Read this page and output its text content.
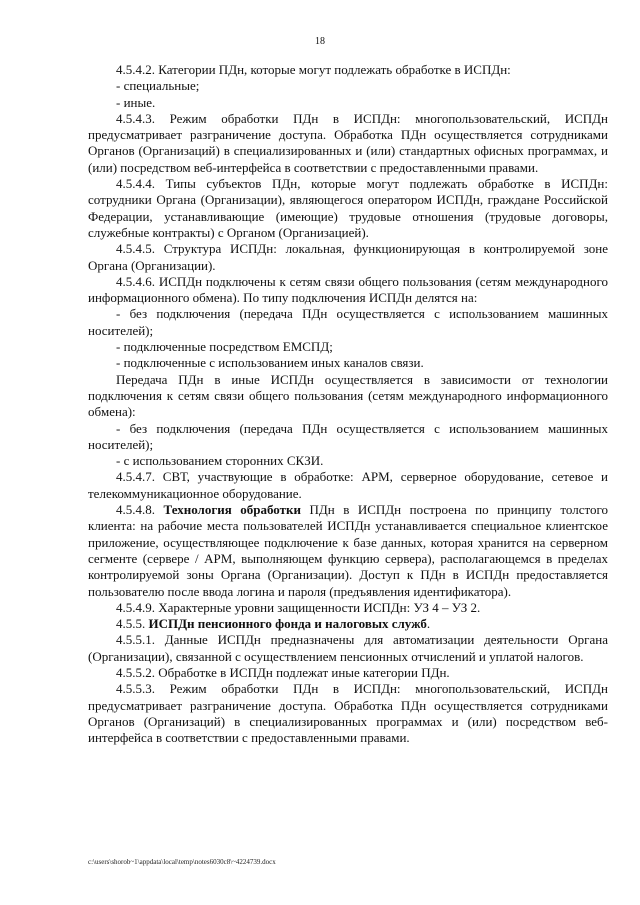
18

4.5.4.2. Категории ПДн, которые могут подлежать обработке в ИСПДн:

- специальные;

- иные.

4.5.4.3. Режим обработки ПДн в ИСПДн: многопользовательский, ИСПДн предусматривает разграничение доступа. Обработка ПДн осуществляется сотрудниками Органов (Организаций) в специализированных и (или) стандартных офисных программах, и (или) посредством веб-интерфейса в соответствии с предоставленными правами.

4.5.4.4. Типы субъектов ПДн, которые могут подлежать обработке в ИСПДн: сотрудники Органа (Организации), являющегося оператором ИСПДн, граждане Российской Федерации, устанавливающие (имеющие) трудовые отношения (трудовые договоры, служебные контракты) с Органом (Организацией).

4.5.4.5. Структура ИСПДн: локальная, функционирующая в контролируемой зоне Органа (Организации).

4.5.4.6. ИСПДн подключены к сетям связи общего пользования (сетям международного информационного обмена). По типу подключения ИСПДн делятся на:

- без подключения (передача ПДн осуществляется с использованием машинных носителей);

- подключенные посредством ЕМСПД;

- подключенные с использованием иных каналов связи.

Передача ПДн в иные ИСПДн осуществляется в зависимости от технологии подключения к сетям связи общего пользования (сетям международного информационного обмена):

- без подключения (передача ПДн осуществляется с использованием машинных носителей);

- с использованием сторонних СКЗИ.

4.5.4.7. СВТ, участвующие в обработке: АРМ, серверное оборудование, сетевое и телекоммуникационное оборудование.

4.5.4.8. Технология обработки ПДн в ИСПДн построена по принципу толстого клиента: на рабочие места пользователей ИСПДн устанавливается специальное клиентское приложение, осуществляющее подключение к базе данных, которая хранится на серверном сегменте (сервере / АРМ, выполняющем функцию сервера), располагающемся в пределах контролируемой зоны Органа (Организации). Доступ к ПДн в ИСПДн предоставляется пользователю после ввода логина и пароля (предъявления идентификатора).

4.5.4.9. Характерные уровни защищенности ИСПДн: УЗ 4 – УЗ 2.

4.5.5. ИСПДн пенсионного фонда и налоговых служб.

4.5.5.1. Данные ИСПДн предназначены для автоматизации деятельности Органа (Организации), связанной с осуществлением пенсионных отчислений и уплатой налогов.

4.5.5.2. Обработке в ИСПДн подлежат иные категории ПДн.

4.5.5.3. Режим обработки ПДн в ИСПДн: многопользовательский, ИСПДн предусматривает разграничение доступа. Обработка ПДн осуществляется сотрудниками Органов (Организаций) в специализированных программах и (или) посредством веб-интерфейса в соответствии с предоставленными правами.

c:\users\shorob~1\appdata\local\temp\notes6030c8\~4224739.docx
